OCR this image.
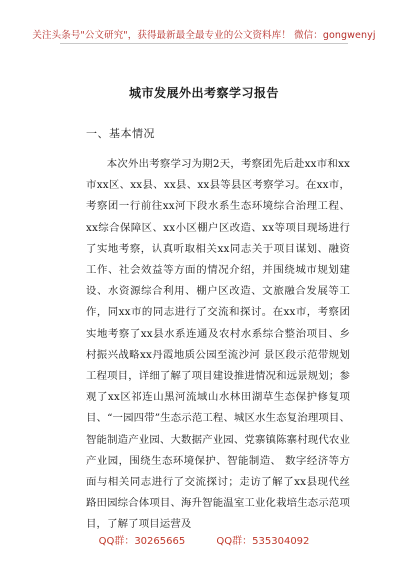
关注头条号"公文研究"，获得最新最全最专业的公文资料库！ 微信：gongwenyj
城市发展外出考察学习报告
一、基本情况

本次外出考察学习为期2天，考察团先后赴xx市和xx市xx区、xx县、xx县、xx县等县区考察学习。在xx市，考察团一行前往xx河下段水系生态环境综合治理工程、xx综合保障区、xx小区棚户区改造、xx等项目现场进行了实地考察，认真听取相关xx同志关于项目谋划、融资工作、社会效益等方面的情况介绍，并围绕城市规划建设、水资源综合利用、棚户区改造、文旅融合发展等工作，同xx市的同志进行了交流和探讨。在xx市，考察团实地考察了xx县水系连通及农村水系综合整治项目、乡村振兴战略xx丹霞地质公园至流沙河 景区段示范带规划工程项目，详细了解了项目建设推进情况和远景规划；参观了xx区祁连山黑河流域山水林田湖草生态保护修复项目、“一园四带”生态示范工程、城区水生态复治理项目、智能制造产业园、大数据产业园、党寨镇陈寨村现代农业产业园，围绕生态环境保护、智能制造、 数字经济等方面与相关同志进行了交流探讨；走访了解了xx县现代丝路田园综合体项目、海升智能温室工业化栽培生态示范项目，了解了项目运营及

QQ群：30265665	QQ群：535304092
